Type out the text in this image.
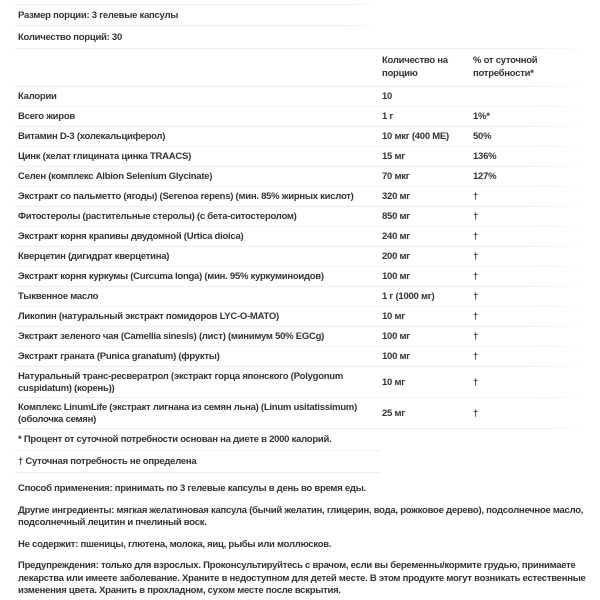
Размер порции: 3 гелевые капсулы
Количество порций: 30
Количество на порцию
% от суточной потребности*
Калории	10
Всего жиров	1 г	1%*
Витамин D-3 (холекальциферол)	10 мкг (400 МЕ)	50%
Цинк (хелат глицината цинка TRAACS)	15 мг	136%
Селен (комплекс Albion Selenium Glycinate)	70 мкг	127%
Экстракт со пальметто (ягоды) (Serenoa repens) (мин. 85% жирных кислот)	320 мг	†
Фитостеролы (растительные стеролы) (с бета-ситостеролом)	850 мг	†
Экстракт корня крапивы двудомной (Urtica dioica)	240 мг	†
Кверцетин (дигидрат кверцетина)	200 мг	†
Экстракт корня куркумы (Curcuma longa) (мин. 95% куркуминоидов)	100 мг	†
Тыквенное масло	1 г (1000 мг)	†
Ликопин (натуральный экстракт помидоров LYC-O-MATO)	10 мг	†
Экстракт зеленого чая (Camellia sinesis) (лист) (минимум 50% EGCg)	100 мг	†
Экстракт граната (Punica granatum) (фрукты)	100 мг	†
Натуральный транс-ресвератрол (экстракт горца японского (Polygonum cuspidatum) (корень))
10 мг	†
Комплекс LinumLife (экстракт лигнана из семян льна) (Linum usitatissimum) (оболочка семян)
25 мг	†
* Процент от суточной потребности основан на диете в 2000 калорий.
† Суточная потребность не определена

Способ применения: принимать по 3 гелевые капсулы в день во время еды.

Другие ингредиенты: мягкая желатиновая капсула (бычий желатин, глицерин, вода, рожковое дерево), подсолнечное масло, подсолнечный лецитин и пчелиный воск.

Не содержит: пшеницы, глютена, молока, яиц, рыбы или моллюсков.

Предупреждения: только для взрослых. Проконсультируйтесь с врачом, если вы беременны/кормите грудью, принимаете лекарства или имеете заболевание. Храните в недоступном для детей месте. В этом продукте могут возникать естественные изменения цвета. Хранить в прохладном, сухом месте после вскрытия.
